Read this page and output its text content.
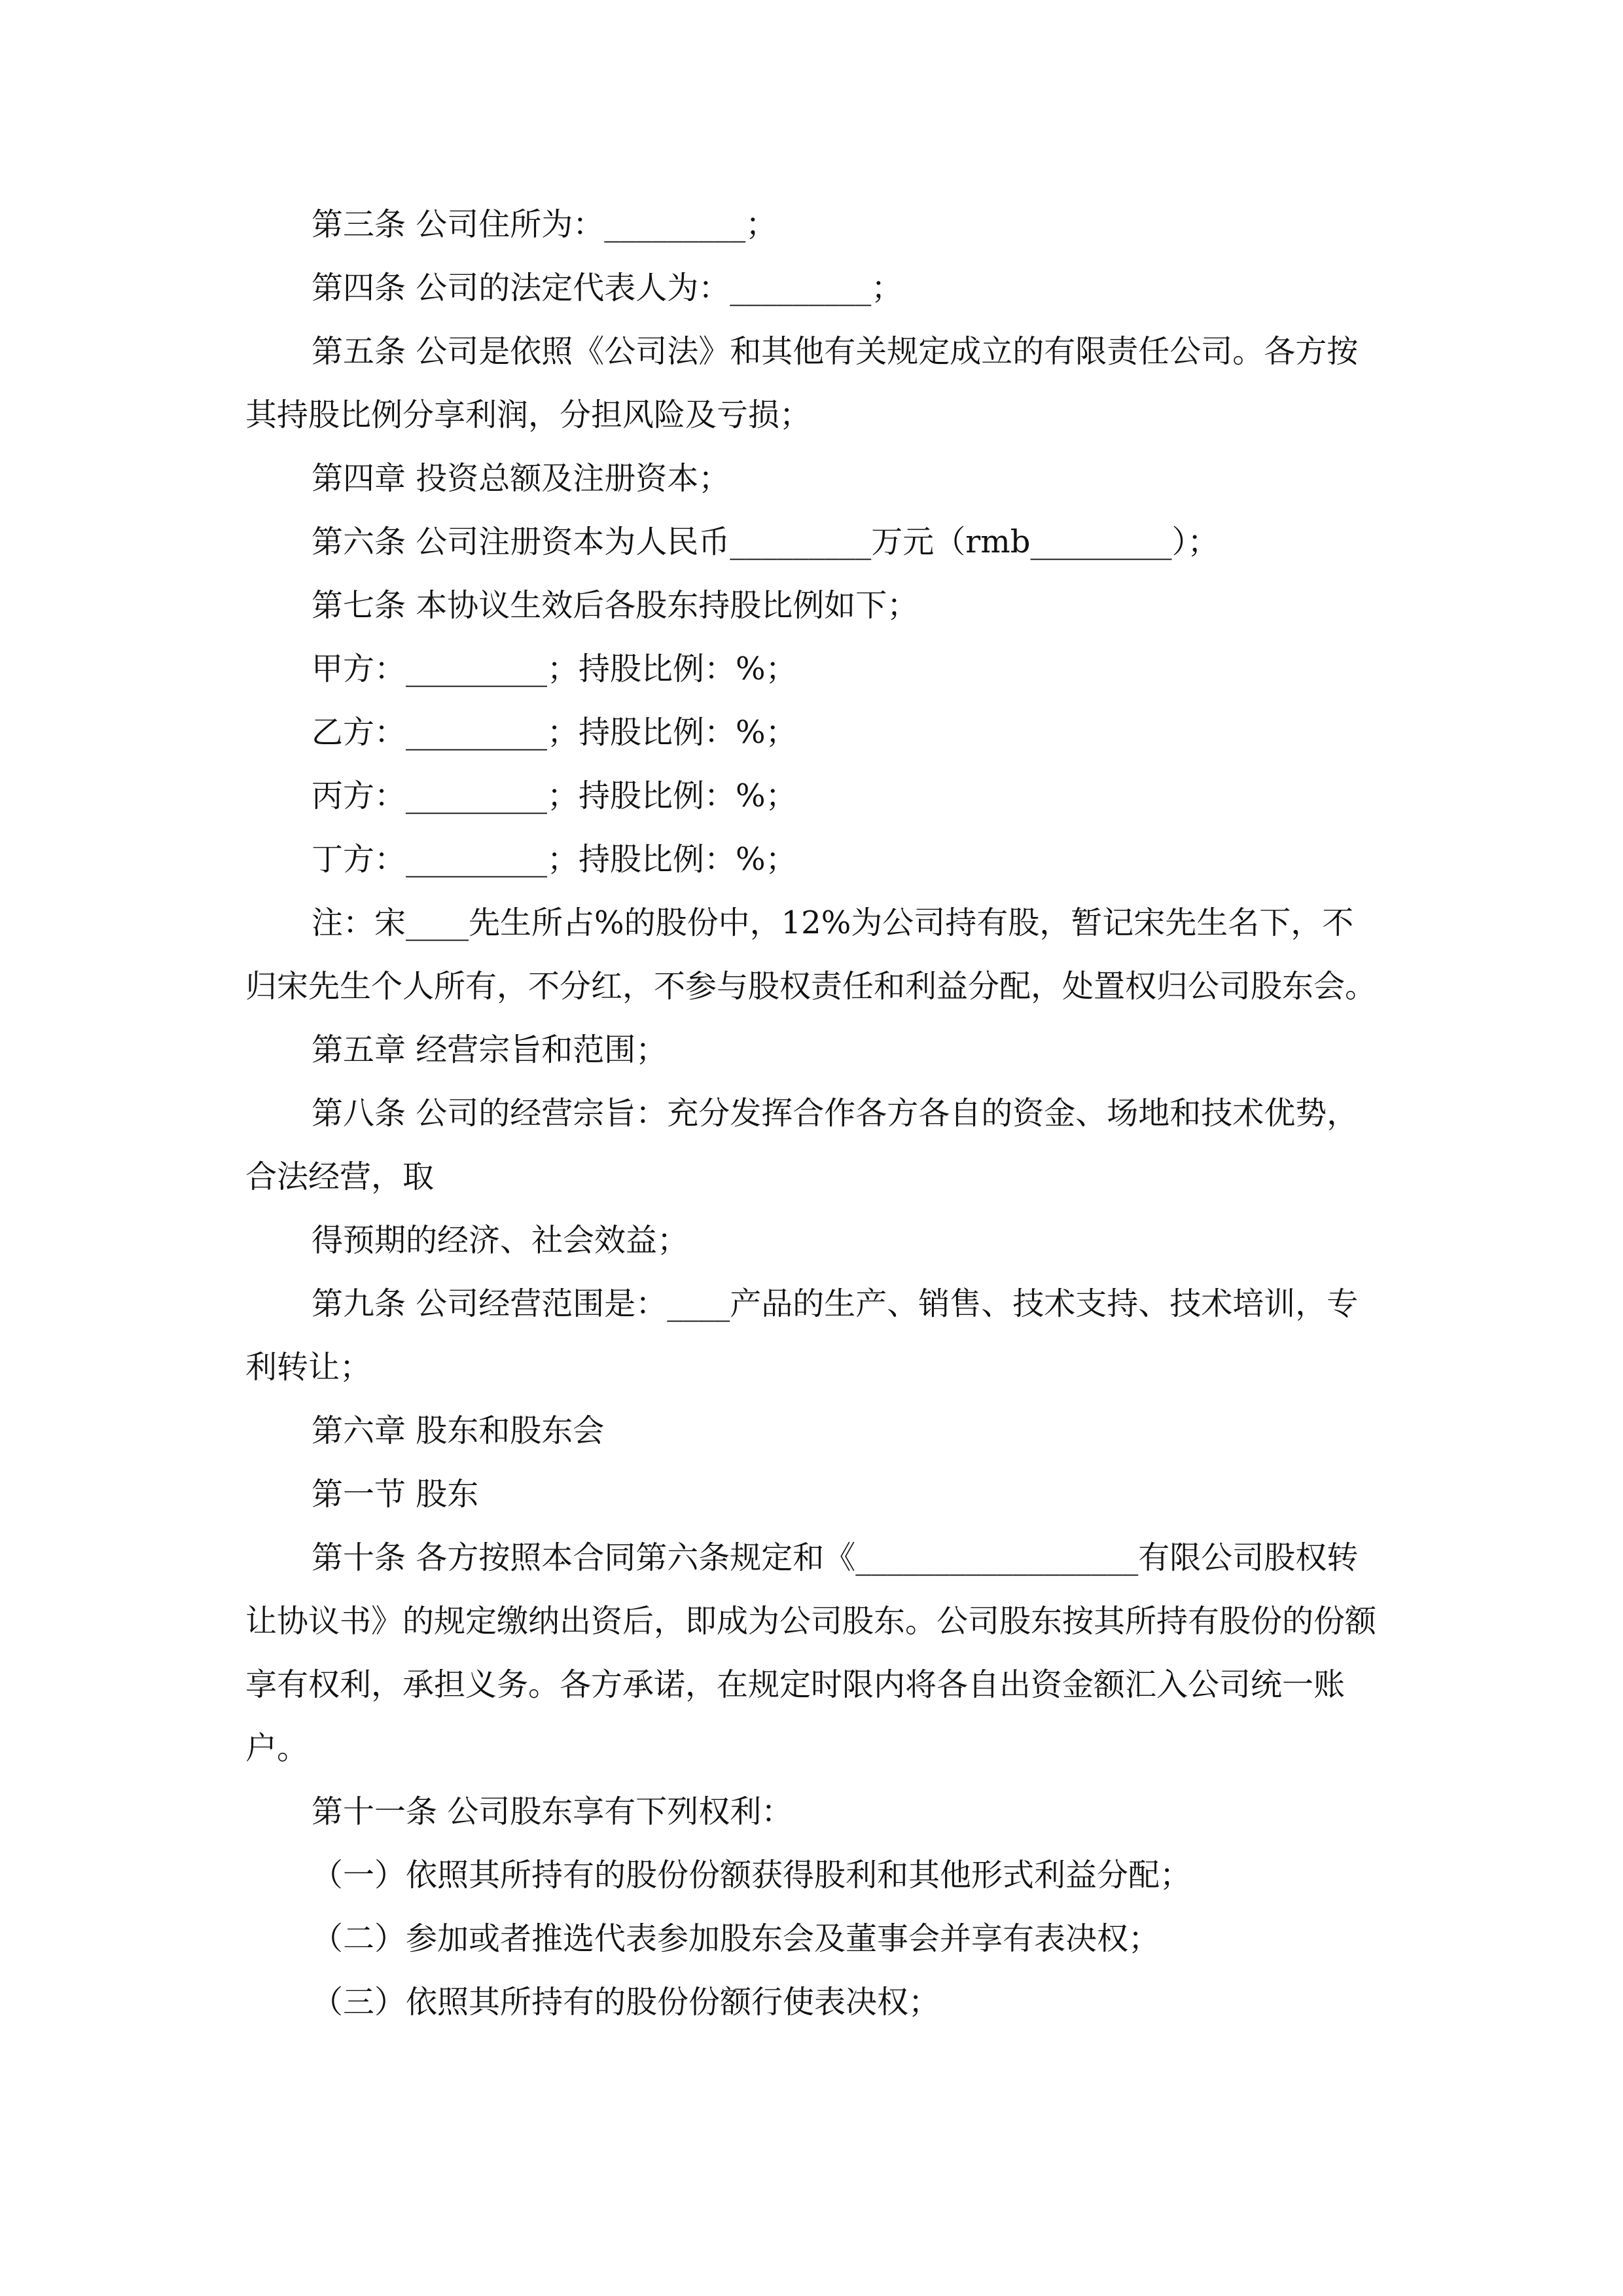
第三条 公司住所为：_________；

第四条 公司的法定代表人为：_________；

第五条 公司是依照《公司法》和其他有关规定成立的有限责任公司。各方按其持股比例分享利润，分担风险及亏损；

第四章 投资总额及注册资本；

第六条 公司注册资本为人民币_________万元（rmb_________）；

第七条 本协议生效后各股东持股比例如下；

甲方：_________；持股比例：%；

乙方：_________；持股比例：%；

丙方：_________；持股比例：%；

丁方：_________；持股比例：%；

注：宋____先生所占%的股份中，12%为公司持有股，暂记宋先生名下，不归宋先生个人所有，不分红，不参与股权责任和利益分配，处置权归公司股东会。

第五章 经营宗旨和范围；

第八条 公司的经营宗旨：充分发挥合作各方各自的资金、场地和技术优势，合法经营，取

得预期的经济、社会效益；

第九条 公司经营范围是：____产品的生产、销售、技术支持、技术培训，专利转让；

第六章 股东和股东会

第一节 股东

第十条 各方按照本合同第六条规定和《__________________有限公司股权转让协议书》的规定缴纳出资后，即成为公司股东。公司股东按其所持有股份的份额享有权利，承担义务。各方承诺，在规定时限内将各自出资金额汇入公司统一账户。

第十一条 公司股东享有下列权利：

（一）依照其所持有的股份份额获得股利和其他形式利益分配；

（二）参加或者推选代表参加股东会及董事会并享有表决权；

（三）依照其所持有的股份份额行使表决权；
